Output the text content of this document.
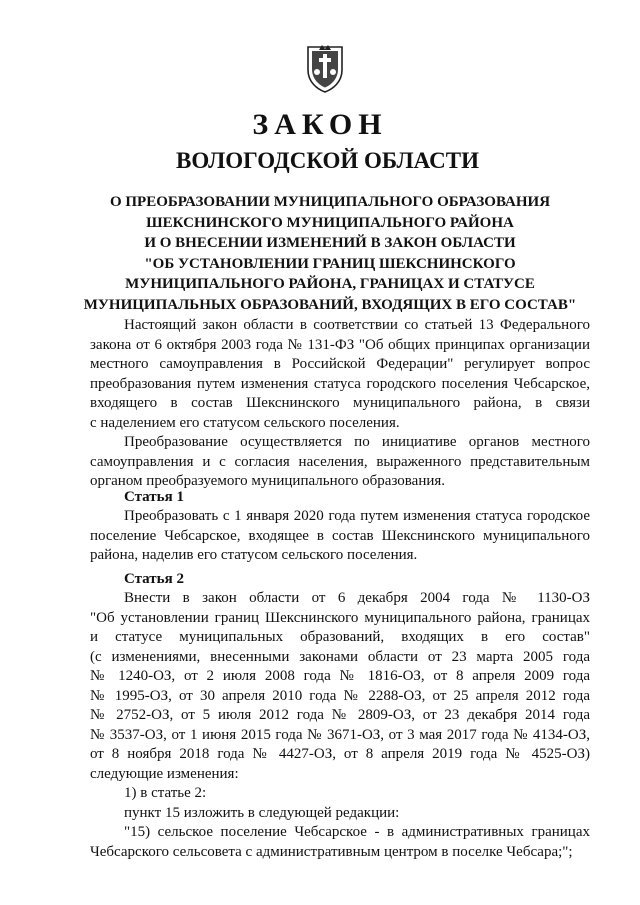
ЗАКОН
ВОЛОГОДСКОЙ ОБЛАСТИ
О ПРЕОБРАЗОВАНИИ МУНИЦИПАЛЬНОГО ОБРАЗОВАНИЯ
ШЕКСНИНСКОГО МУНИЦИПАЛЬНОГО РАЙОНА
И О ВНЕСЕНИИ ИЗМЕНЕНИЙ В ЗАКОН ОБЛАСТИ
"ОБ УСТАНОВЛЕНИИ ГРАНИЦ ШЕКСНИНСКОГО
МУНИЦИПАЛЬНОГО РАЙОНА, ГРАНИЦАХ И СТАТУСЕ
МУНИЦИПАЛЬНЫХ ОБРАЗОВАНИЙ, ВХОДЯЩИХ В ЕГО СОСТАВ"
Настоящий закон области в соответствии со статьей 13 Федерального
закона от 6 октября 2003 года № 131-ФЗ "Об общих принципах организации
местного самоуправления в Российской Федерации" регулирует вопрос
преобразования путем изменения статуса городского поселения Чебсарское,
входящего в состав Шекснинского муниципального района, в связи
с наделением его статусом сельского поселения.
Преобразование осуществляется по инициативе органов местного
самоуправления и с согласия населения, выраженного представительным
органом преобразуемого муниципального образования.
Статья 1
Преобразовать с 1 января 2020 года путем изменения статуса городское
поселение Чебсарское, входящее в состав Шекснинского муниципального
района, наделив его статусом сельского поселения.
Статья 2
Внести в закон области от 6 декабря 2004 года № 1130-ОЗ
"Об установлении границ Шекснинского муниципального района, границах
и статусе муниципальных образований, входящих в его состав"
(с изменениями, внесенными законами области от 23 марта 2005 года
№ 1240-ОЗ, от 2 июля 2008 года № 1816-ОЗ, от 8 апреля 2009 года
№ 1995-ОЗ, от 30 апреля 2010 года № 2288-ОЗ, от 25 апреля 2012 года
№ 2752-ОЗ, от 5 июля 2012 года № 2809-ОЗ, от 23 декабря 2014 года
№ 3537-ОЗ, от 1 июня 2015 года № 3671-ОЗ, от 3 мая 2017 года № 4134-ОЗ,
от 8 ноября 2018 года № 4427-ОЗ, от 8 апреля 2019 года № 4525-ОЗ)
следующие изменения:
1) в статье 2:
пункт 15 изложить в следующей редакции:
"15) сельское поселение Чебсарское - в административных границах
Чебсарского сельсовета с административным центром в поселке Чебсара;";
